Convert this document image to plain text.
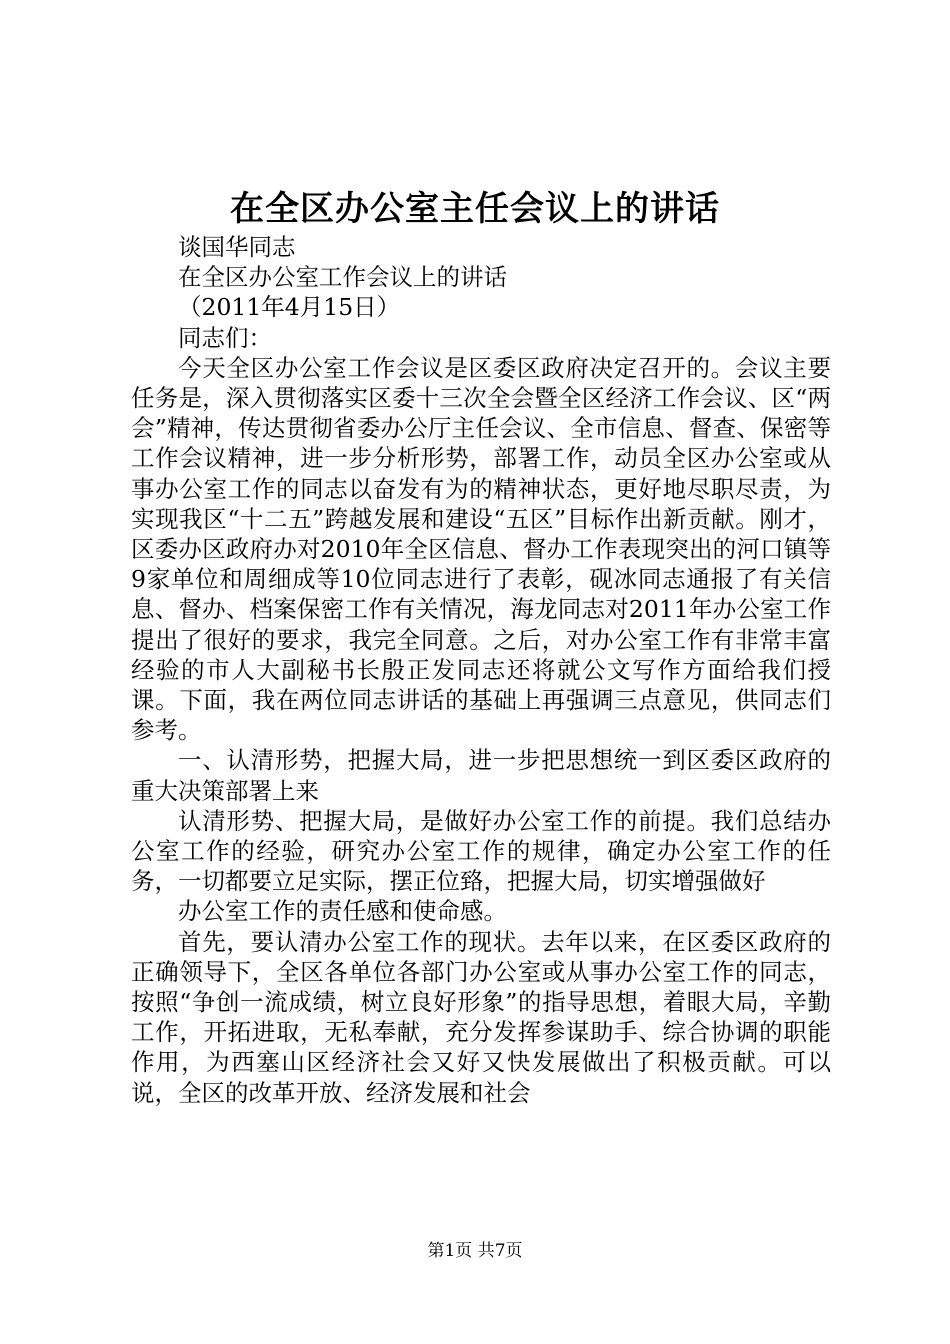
在全区办公室主任会议上的讲话

谈国华同志

在全区办公室工作会议上的讲话

（2011年4月15日）

同志们：

今天全区办公室工作会议是区委区政府决定召开的。会议主要任务是，深入贯彻落实区委十三次全会暨全区经济工作会议、区“两会”精神，传达贯彻省委办公厅主任会议、全市信息、督查、保密等工作会议精神，进一步分析形势，部署工作，动员全区办公室或从事办公室工作的同志以奋发有为的精神状态，更好地尽职尽责，为实现我区“十二五”跨越发展和建设“五区”目标作出新贡献。刚才，区委办区政府办对2010年全区信息、督办工作表现突出的河口镇等9家单位和周细成等10位同志进行了表彰，砚冰同志通报了有关信息、督办、档案保密工作有关情况，海龙同志对2011年办公室工作提出了很好的要求，我完全同意。之后，对办公室工作有非常丰富经验的市人大副秘书长殷正发同志还将就公文写作方面给我们授课。下面，我在两位同志讲话的基础上再强调三点意见，供同志们参考。

一、认清形势，把握大局，进一步把思想统一到区委区政府的重大决策部署上来

认清形势、把握大局，是做好办公室工作的前提。我们总结办公室工作的经验，研究办公室工作的规律，确定办公室工作的任务，一切都要立足实际，摆正位臵，把握大局，切实增强做好

办公室工作的责任感和使命感。

首先，要认清办公室工作的现状。去年以来，在区委区政府的正确领导下，全区各单位各部门办公室或从事办公室工作的同志，按照“争创一流成绩，树立良好形象”的指导思想，着眼大局，辛勤工作，开拓进取，无私奉献，充分发挥参谋助手、综合协调的职能作用，为西塞山区经济社会又好又快发展做出了积极贡献。可以说，全区的改革开放、经济发展和社会

第1页 共7页
